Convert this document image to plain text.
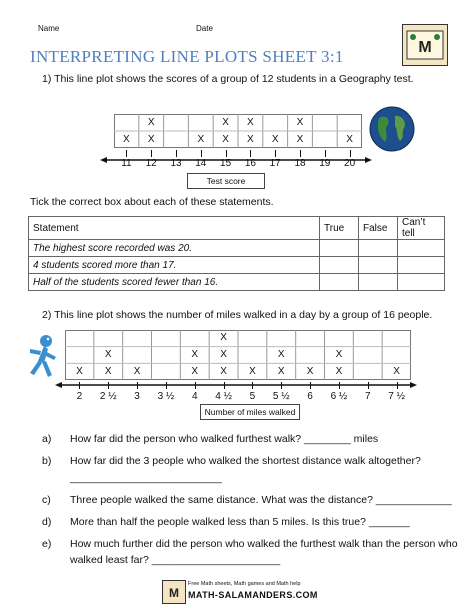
Name	Date
M
INTERPRETING LINE PLOTS SHEET 3:1
1) This line plot shows the scores of a group of 12 students in a Geography test.
X	X
X
X	X
X
X
X
X	X
X
X
11	12	13	14	15	16	17	18	19	20
Test score
Tick the correct box about each of these statements.
Statement	True	False	Can’t tell
The highest score recorded was 20.			
4 students scored more than 17.			
Half of the students scored fewer than 16.			
2) This line plot shows the number of miles walked in a day by a group of 16 people.
X	X
X
X	X
X
X
X
X
X	X
X
X	X
X
X
2	2 ½	3	3 ½	4	4 ½	5	5 ½	6	6 ½	7	7 ½
Number of miles walked
a) How far did the person who walked furthest walk? ________ miles
b) How far did the 3 people who walked the shortest distance walk altogether?
__________________________
c) Three people walked the same distance. What was the distance? _____________
d) More than half the people walked less than 5 miles. Is this true? _______
e) How much further did the person who walked the furthest walk than the person who
walked least far? ______________________
M
Free Math sheets, Math games and Math help
MATH-SALAMANDERS.COM
